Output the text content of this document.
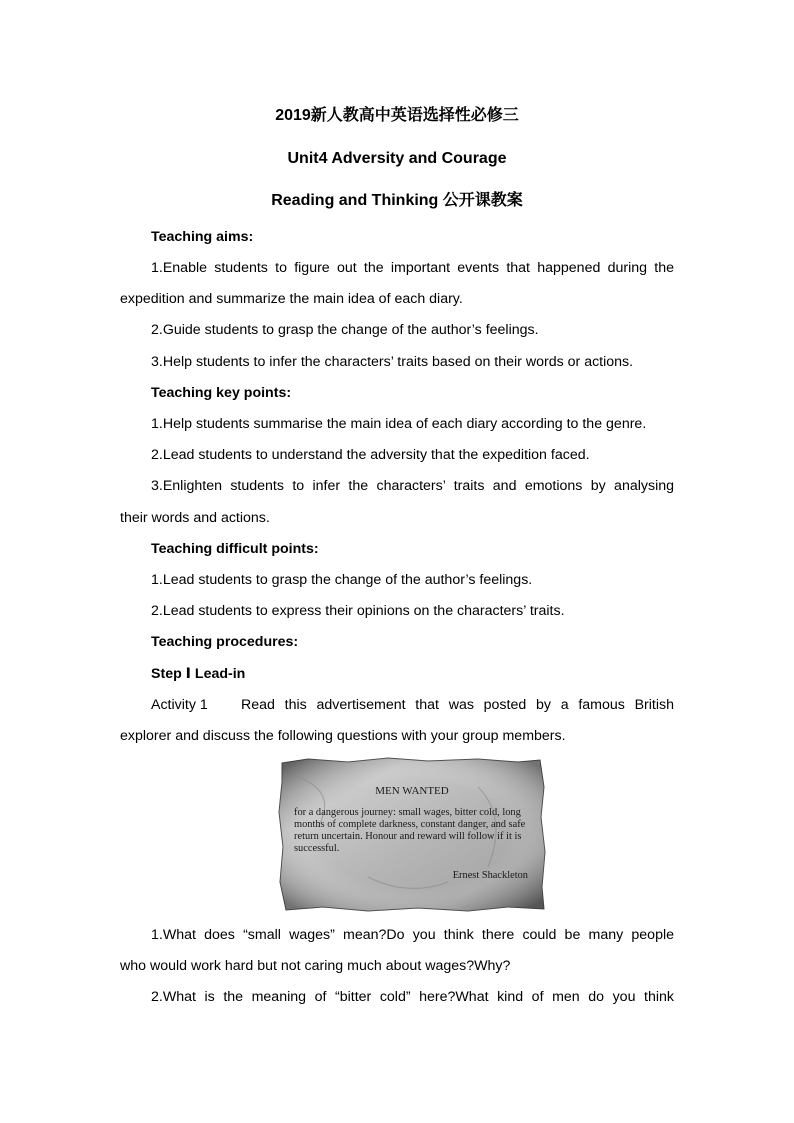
2019新人教高中英语选择性必修三
Unit4 Adversity and Courage
Reading and Thinking 公开课教案
Teaching aims:
1.Enable students to figure out the important events that happened during the
expedition and summarize the main idea of each diary.
2.Guide students to grasp the change of the author’s feelings.
3.Help students to infer the characters’ traits based on their words or actions.
Teaching key points:
1.Help students summarise the main idea of each diary according to the genre.
2.Lead students to understand the adversity that the expedition faced.
3.Enlighten students to infer the characters’ traits and emotions by analysing
their words and actions.
Teaching difficult points:
1.Lead students to grasp the change of the author’s feelings.
2.Lead students to express their opinions on the characters’ traits.
Teaching procedures:
Step Ⅰ Lead-in
Activity 1 Read this advertisement that was posted by a famous British
explorer and discuss the following questions with your group members.
MEN WANTED
for a dangerous journey: small wages, bitter cold, long months of complete darkness, constant danger, and safe return uncertain. Honour and reward will follow if it is successful.
Ernest Shackleton
1.What does “small wages” mean?Do you think there could be many people
who would work hard but not caring much about wages?Why?
2.What is the meaning of “bitter cold” here?What kind of men do you think
